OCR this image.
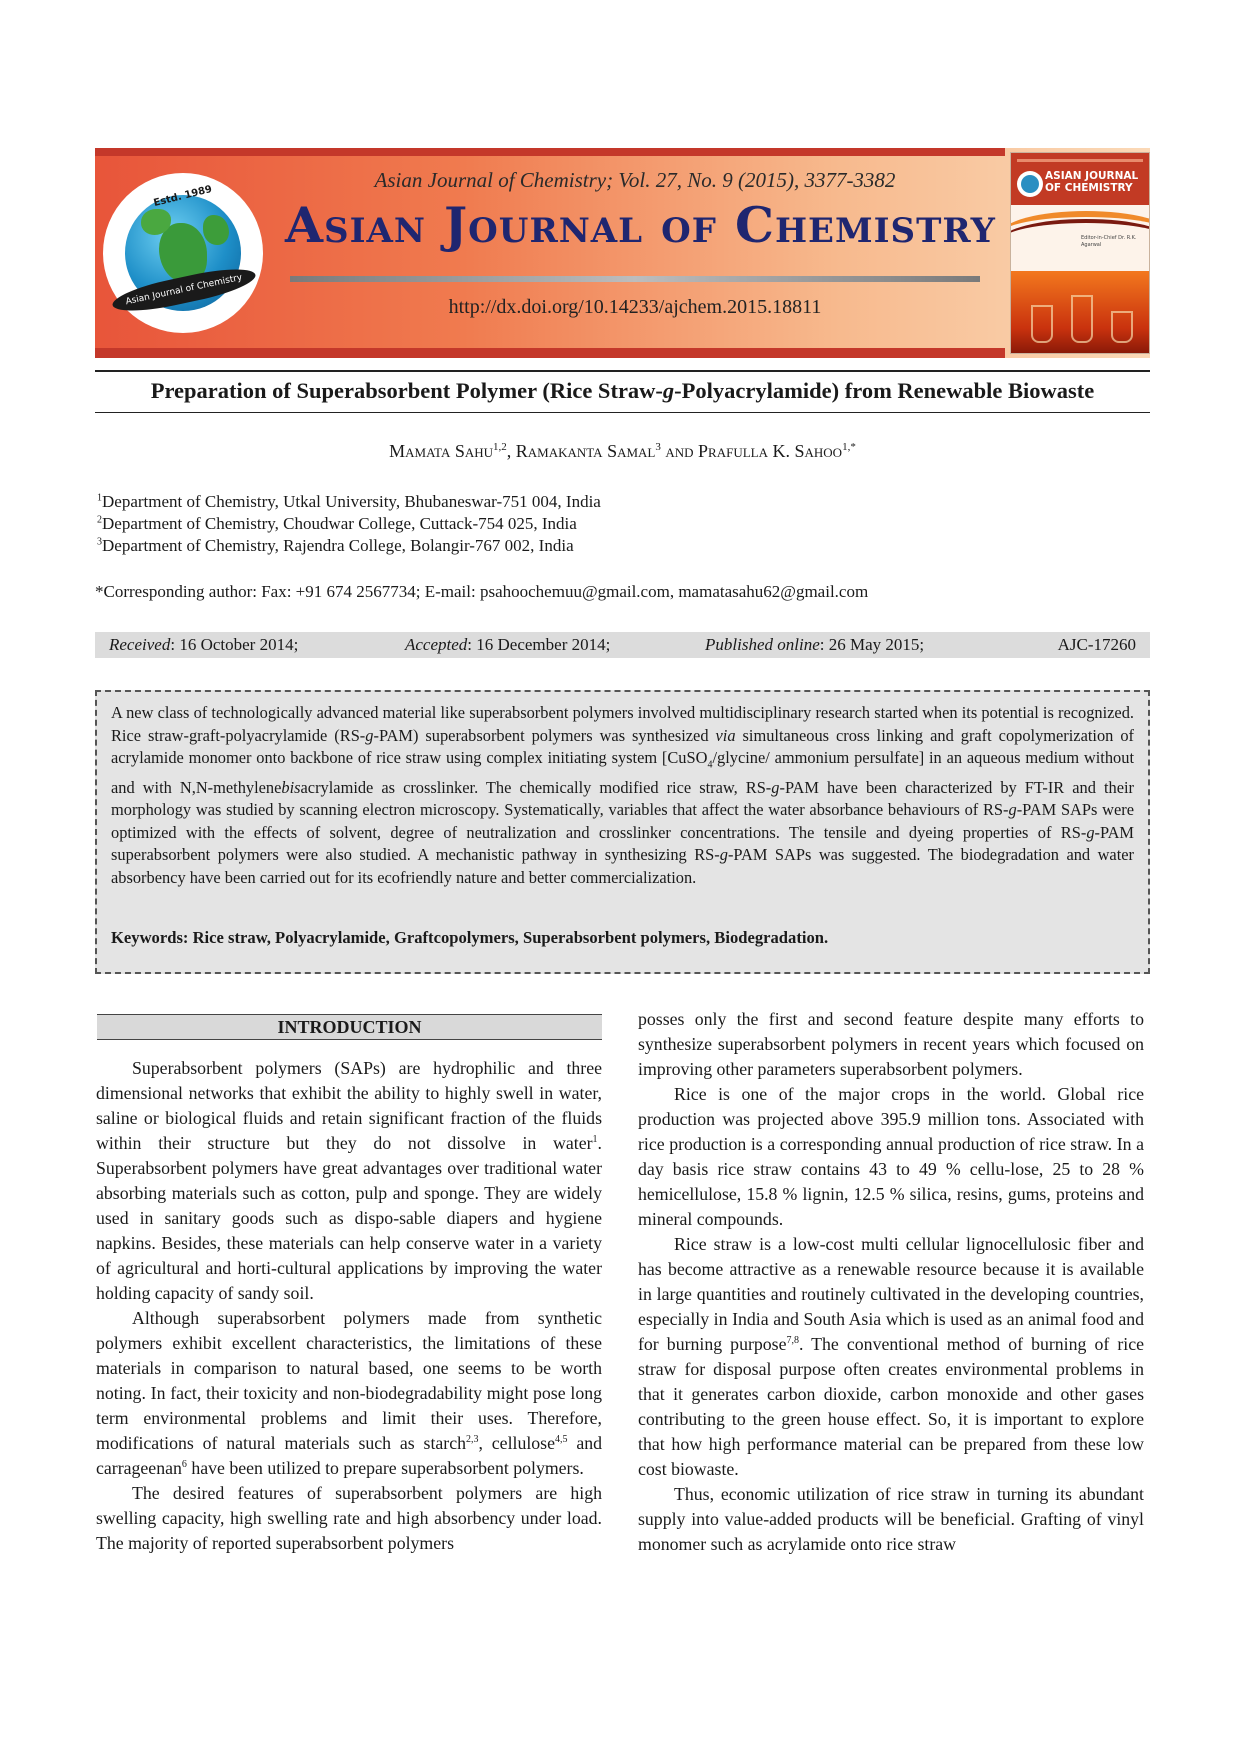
Estd. 1989
Asian Journal of Chemistry
Asian Journal of Chemistry; Vol. 27, No. 9 (2015), 3377-3382
Asian Journal of Chemistry
http://dx.doi.org/10.14233/ajchem.2015.18811
ASIAN JOURNAL OF CHEMISTRY
Editor-in-Chief Dr. R.K. Agarwal
Preparation of Superabsorbent Polymer (Rice Straw-g-Polyacrylamide) from Renewable Biowaste
Mamata Sahu$^{1,2}$, Ramakanta Samal$^3$ and Prafulla K. Sahoo$^{1,*}$
$^1$Department of Chemistry, Utkal University, Bhubaneswar-751 004, India
$^2$Department of Chemistry, Choudwar College, Cuttack-754 025, India
$^3$Department of Chemistry, Rajendra College, Bolangir-767 002, India
*Corresponding author: Fax: +91 674 2567734; E-mail: psahoochemuu@gmail.com, mamatasahu62@gmail.com
Received : 16 October 2014;	Accepted : 16 December 2014;	Published online : 26 May 2015;	AJC-17260
A new class of technologically advanced material like superabsorbent polymers involved multidisciplinary research started when its potential is recognized. Rice straw-graft-polyacrylamide (RS-g-PAM) superabsorbent polymers was synthesized via simultaneous cross linking and graft copolymerization of acrylamide monomer onto backbone of rice straw using complex initiating system [CuSO$_4$/glycine/ ammonium persulfate] in an aqueous medium without and with N,N-methylenebisacrylamide as crosslinker. The chemically modified rice straw, RS-g-PAM have been characterized by FT-IR and their morphology was studied by scanning electron microscopy. Systematically, variables that affect the water absorbance behaviours of RS-g-PAM SAPs were optimized with the effects of solvent, degree of neutralization and crosslinker concentrations. The tensile and dyeing properties of RS-g-PAM superabsorbent polymers were also studied. A mechanistic pathway in synthesizing RS-g-PAM SAPs was suggested. The biodegradation and water absorbency have been carried out for its ecofriendly nature and better commercialization.
Keywords: Rice straw, Polyacrylamide, Graftcopolymers, Superabsorbent polymers, Biodegradation.
INTRODUCTION

Superabsorbent polymers (SAPs) are hydrophilic and three dimensional networks that exhibit the ability to highly swell in water, saline or biological fluids and retain significant fraction of the fluids within their structure but they do not dissolve in water$^1$. Superabsorbent polymers have great advantages over traditional water absorbing materials such as cotton, pulp and sponge. They are widely used in sanitary goods such as dispo-sable diapers and hygiene napkins. Besides, these materials can help conserve water in a variety of agricultural and horti-cultural applications by improving the water holding capacity of sandy soil.

Although superabsorbent polymers made from synthetic polymers exhibit excellent characteristics, the limitations of these materials in comparison to natural based, one seems to be worth noting. In fact, their toxicity and non-biodegradability might pose long term environmental problems and limit their uses. Therefore, modifications of natural materials such as starch$^{2,3}$, cellulose$^{4,5}$ and carrageenan$^6$ have been utilized to prepare superabsorbent polymers.

The desired features of superabsorbent polymers are high swelling capacity, high swelling rate and high absorbency under load. The majority of reported superabsorbent polymers

posses only the first and second feature despite many efforts to synthesize superabsorbent polymers in recent years which focused on improving other parameters superabsorbent polymers.

Rice is one of the major crops in the world. Global rice production was projected above 395.9 million tons. Associated with rice production is a corresponding annual production of rice straw. In a day basis rice straw contains 43 to 49 % cellu-lose, 25 to 28 % hemicellulose, 15.8 % lignin, 12.5 % silica, resins, gums, proteins and mineral compounds.

Rice straw is a low-cost multi cellular lignocellulosic fiber and has become attractive as a renewable resource because it is available in large quantities and routinely cultivated in the developing countries, especially in India and South Asia which is used as an animal food and for burning purpose$^{7,8}$. The conventional method of burning of rice straw for disposal purpose often creates environmental problems in that it generates carbon dioxide, carbon monoxide and other gases contributing to the green house effect. So, it is important to explore that how high performance material can be prepared from these low cost biowaste.

Thus, economic utilization of rice straw in turning its abundant supply into value-added products will be beneficial. Grafting of vinyl monomer such as acrylamide onto rice straw
